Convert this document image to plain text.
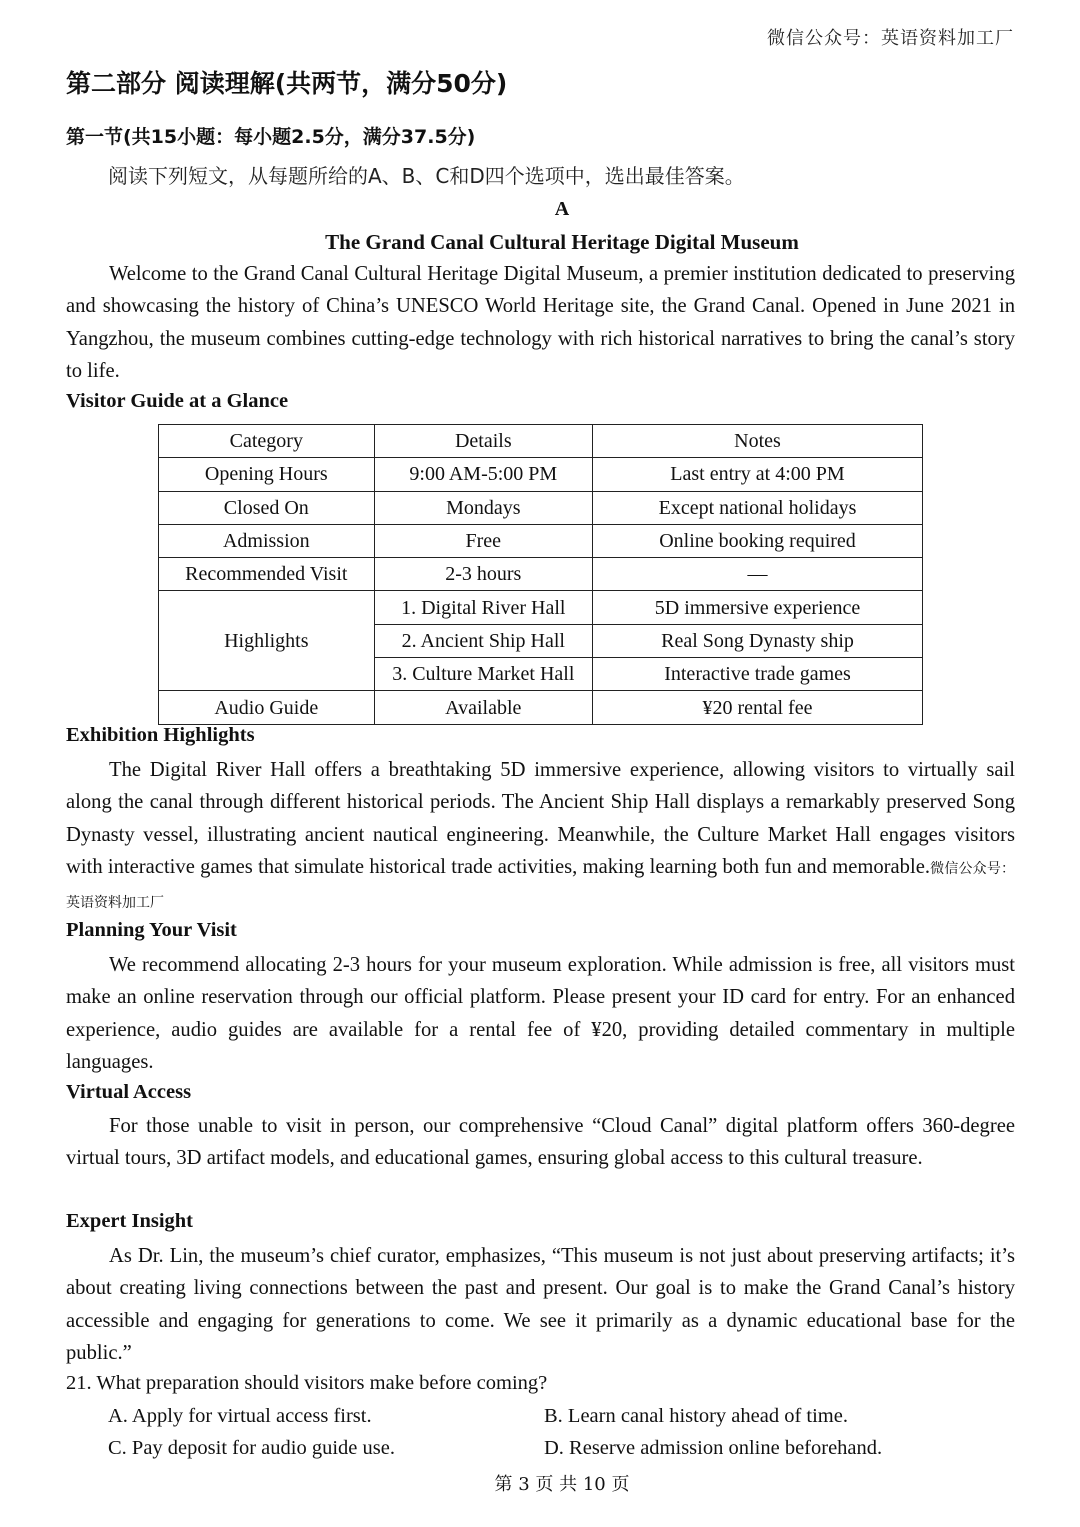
微信公众号：英语资料加工厂
第二部分 阅读理解(共两节，满分50分)
第一节(共15小题：每小题2.5分，满分37.5分)
阅读下列短文，从每题所给的A、B、C和D四个选项中，选出最佳答案。
A
The Grand Canal Cultural Heritage Digital Museum
Welcome to the Grand Canal Cultural Heritage Digital Museum, a premier institution dedicated to preserving and showcasing the history of China’s UNESCO World Heritage site, the Grand Canal. Opened in June 2021 in Yangzhou, the museum combines cutting-edge technology with rich historical narratives to bring the canal’s story to life.
Visitor Guide at a Glance
Category	Details	Notes
Opening Hours	9:00 AM-5:00 PM	Last entry at 4:00 PM
Closed On	Mondays	Except national holidays
Admission	Free	Online booking required
Recommended Visit	2-3 hours	—
Highlights	1. Digital River Hall	5D immersive experience
	2. Ancient Ship Hall	Real Song Dynasty ship
	3. Culture Market Hall	Interactive trade games
Audio Guide	Available	¥20 rental fee
Exhibition Highlights
The Digital River Hall offers a breathtaking 5D immersive experience, allowing visitors to virtually sail along the canal through different historical periods. The Ancient Ship Hall displays a remarkably preserved Song Dynasty vessel, illustrating ancient nautical engineering. Meanwhile, the Culture Market Hall engages visitors with interactive games that simulate historical trade activities, making learning both fun and memorable.微信公众号：英语资料加工厂
Planning Your Visit
We recommend allocating 2-3 hours for your museum exploration. While admission is free, all visitors must make an online reservation through our official platform. Please present your ID card for entry. For an enhanced experience, audio guides are available for a rental fee of ¥20, providing detailed commentary in multiple languages.
Virtual Access
For those unable to visit in person, our comprehensive “Cloud Canal” digital platform offers 360-degree virtual tours, 3D artifact models, and educational games, ensuring global access to this cultural treasure.
Expert Insight
As Dr. Lin, the museum’s chief curator, emphasizes, “This museum is not just about preserving artifacts; it’s about creating living connections between the past and present. Our goal is to make the Grand Canal’s history accessible and engaging for generations to come. We see it primarily as a dynamic educational base for the public.”
21. What preparation should visitors make before coming?
A. Apply for virtual access first.	B. Learn canal history ahead of time.
C. Pay deposit for audio guide use.	D. Reserve admission online beforehand.
第 3 页 共 10 页
